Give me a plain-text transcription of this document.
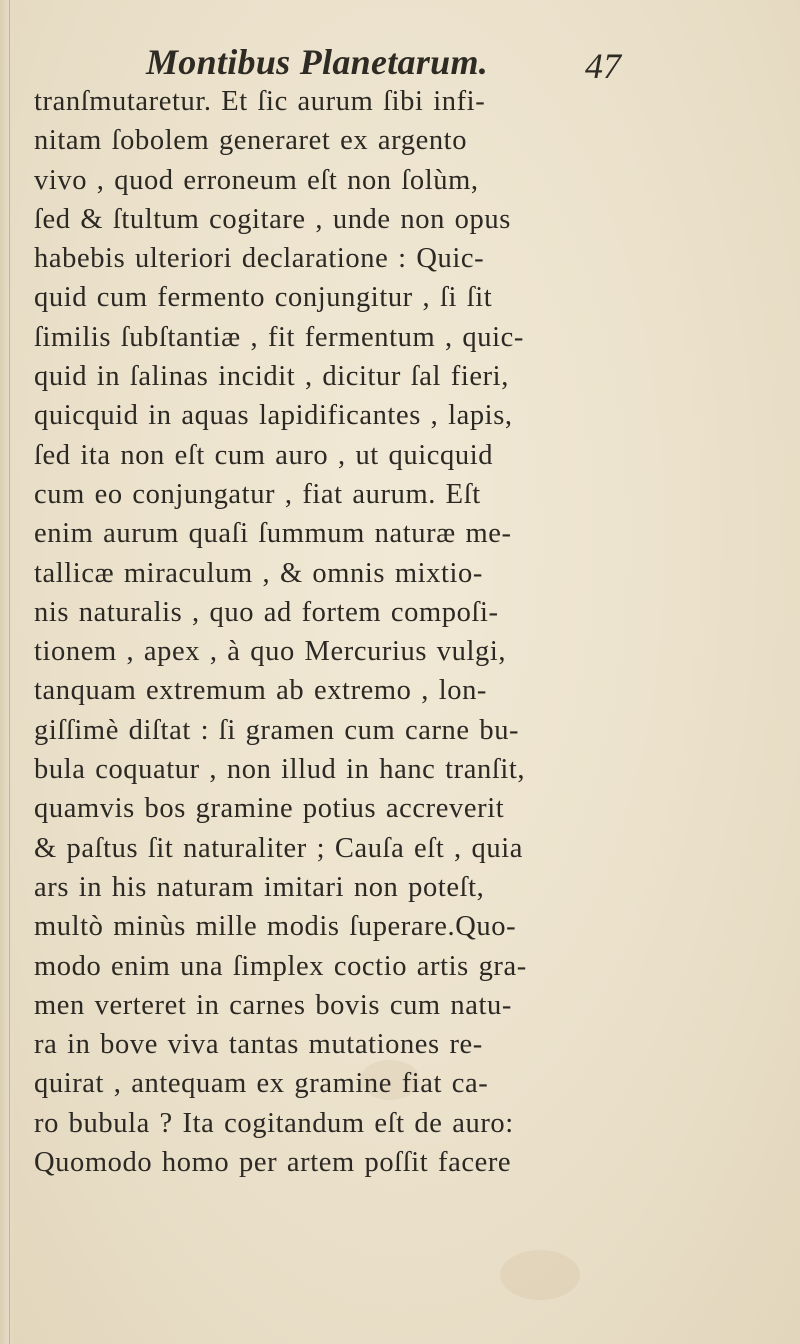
Montibus Planetarum.	47
tranſmutaretur. Et ſic aurum ſibi infi-
nitam ſobolem generaret ex argento
vivo , quod erroneum eſt non ſolùm,
ſed & ſtultum cogitare , unde non opus
habebis ulteriori declaratione : Quic-
quid cum fermento conjungitur , ſi ſit
ſimilis ſubſtantiæ , fit fermentum , quic-
quid in ſalinas incidit , dicitur ſal fieri,
quicquid in aquas lapidificantes , lapis,
ſed ita non eſt cum auro , ut quicquid
cum eo conjungatur , fiat aurum. Eſt
enim aurum quaſi ſummum naturæ me-
tallicæ miraculum , & omnis mixtio-
nis naturalis , quo ad fortem compoſi-
tionem , apex , à quo Mercurius vulgi,
tanquam extremum ab extremo , lon-
giſſimè diſtat : ſi gramen cum carne bu-
bula coquatur , non illud in hanc tranſit,
quamvis bos gramine potius accreverit
& paſtus ſit naturaliter ; Cauſa eſt , quia
ars in his naturam imitari non poteſt,
multò minùs mille modis ſuperare.Quo-
modo enim una ſimplex coctio artis gra-
men verteret in carnes bovis cum natu-
ra in bove viva tantas mutationes re-
quirat , antequam ex gramine fiat ca-
ro bubula ? Ita cogitandum eſt de auro:
Quomodo homo per artem poſſit facere
